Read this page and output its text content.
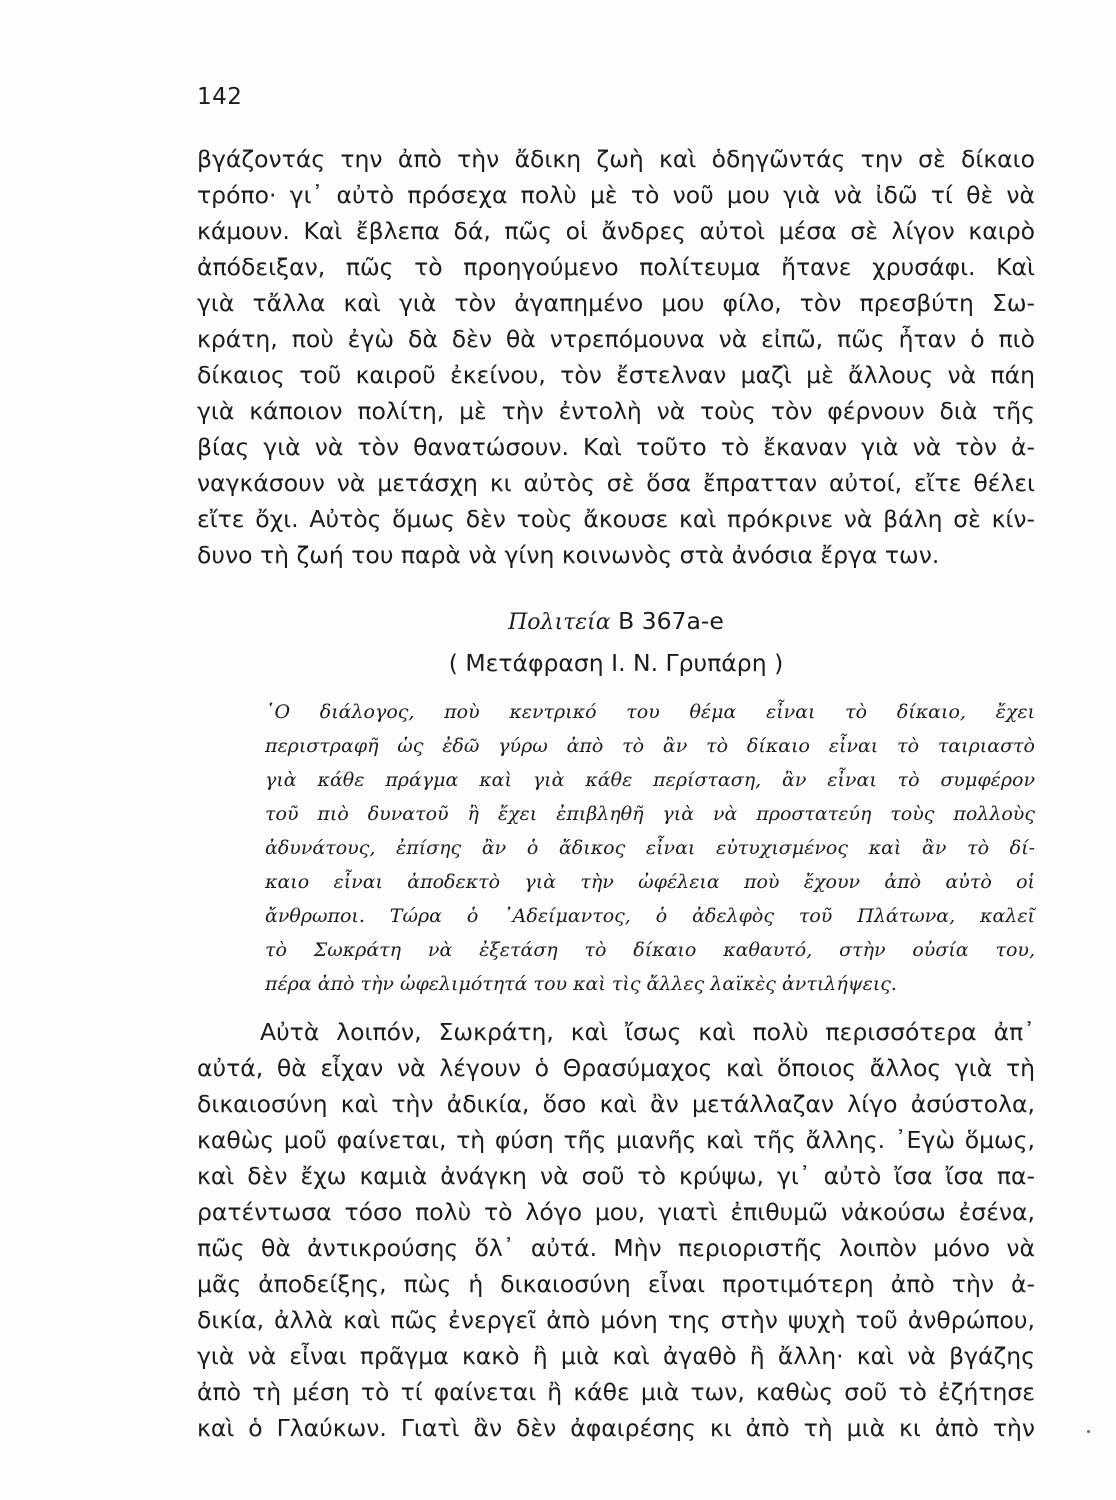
142
βγάζοντάς την ἀπὸ τὴν ἄδικη ζωὴ καὶ ὁδηγῶντάς την σὲ δίκαιο
τρόπο· γι᾿ αὐτὸ πρόσεχα πολὺ μὲ τὸ νοῦ μου γιὰ νὰ ἰδῶ τί θὲ νὰ
κάμουν. Καὶ ἔβλεπα δά, πῶς οἱ ἄνδρες αὐτοὶ μέσα σὲ λίγον καιρὸ
ἀπόδειξαν, πῶς τὸ προηγούμενο πολίτευμα ἤτανε χρυσάφι. Καὶ
γιὰ τἄλλα καὶ γιὰ τὸν ἀγαπημένο μου φίλο, τὸν πρεσβύτη Σω-
κράτη, ποὺ ἐγὼ δὰ δὲν θὰ ντρεπόμουνα νὰ εἰπῶ, πῶς ἦταν ὁ πιὸ
δίκαιος τοῦ καιροῦ ἐκείνου, τὸν ἔστελναν μαζὶ μὲ ἄλλους νὰ πάη
γιὰ κάποιον πολίτη, μὲ τὴν ἐντολὴ νὰ τοὺς τὸν φέρνουν διὰ τῆς
βίας γιὰ νὰ τὸν θανατώσουν. Καὶ τοῦτο τὸ ἔκαναν γιὰ νὰ τὸν ἀ-
ναγκάσουν νὰ μετάσχη κι αὐτὸς σὲ ὅσα ἔπρατταν αὐτοί, εἴτε θέλει
εἴτε ὄχι. Αὐτὸς ὅμως δὲν τοὺς ἄκουσε καὶ πρόκρινε νὰ βάλη σὲ κίν-
δυνο τὴ ζωή του παρὰ νὰ γίνη κοινωνὸς στὰ ἀνόσια ἔργα των.
Πολιτεία Β 367a-e
( Μετάφραση Ι. Ν. Γρυπάρη )
῾Ο διάλογος, ποὺ κεντρικό του θέμα εἶναι τὸ δίκαιο, ἔχει
περιστραφῆ ὡς ἐδῶ γύρω ἀπὸ τὸ ἂν τὸ δίκαιο εἶναι τὸ ταιριαστὸ
γιὰ κάθε πράγμα καὶ γιὰ κάθε περίσταση, ἂν εἶναι τὸ συμφέρον
τοῦ πιὸ δυνατοῦ ἢ ἔχει ἐπιβληθῆ γιὰ νὰ προστατεύη τοὺς πολλοὺς
ἀδυνάτους, ἐπίσης ἂν ὁ ἄδικος εἶναι εὐτυχισμένος καὶ ἂν τὸ δί-
καιο εἶναι ἀποδεκτὸ γιὰ τὴν ὠφέλεια ποὺ ἔχουν ἀπὸ αὐτὸ οἱ
ἄνθρωποι. Τώρα ὁ ᾿Αδείμαντος, ὁ ἀδελφὸς τοῦ Πλάτωνα, καλεῖ
τὸ Σωκράτη νὰ ἐξετάση τὸ δίκαιο καθαυτό, στὴν οὐσία του,
πέρα ἀπὸ τὴν ὠφελιμότητά του καὶ τὶς ἄλλες λαϊκὲς ἀντιλήψεις.
Αὐτὰ λοιπόν, Σωκράτη, καὶ ἴσως καὶ πολὺ περισσότερα ἀπ᾿
αὐτά, θὰ εἶχαν νὰ λέγουν ὁ Θρασύμαχος καὶ ὅποιος ἄλλος γιὰ τὴ
δικαιοσύνη καὶ τὴν ἀδικία, ὅσο καὶ ἂν μετάλλαζαν λίγο ἀσύστολα,
καθὼς μοῦ φαίνεται, τὴ φύση τῆς μιανῆς καὶ τῆς ἄλλης. ᾿Εγὼ ὅμως,
καὶ δὲν ἔχω καμιὰ ἀνάγκη νὰ σοῦ τὸ κρύψω, γι᾿ αὐτὸ ἴσα ἴσα πα-
ρατέντωσα τόσο πολὺ τὸ λόγο μου, γιατὶ ἐπιθυμῶ νἀκούσω ἐσένα,
πῶς θὰ ἀντικρούσης ὅλ᾿ αὐτά. Μὴν περιοριστῆς λοιπὸν μόνο νὰ
μᾶς ἀποδείξης, πὼς ἡ δικαιοσύνη εἶναι προτιμότερη ἀπὸ τὴν ἀ-
δικία, ἀλλὰ καὶ πῶς ἐνεργεῖ ἀπὸ μόνη της στὴν ψυχὴ τοῦ ἀνθρώπου,
γιὰ νὰ εἶναι πρᾶγμα κακὸ ἢ μιὰ καὶ ἀγαθὸ ἢ ἄλλη· καὶ νὰ βγάζης
ἀπὸ τὴ μέση τὸ τί φαίνεται ἢ κάθε μιὰ των, καθὼς σοῦ τὸ ἐζήτησε
καὶ ὁ Γλαύκων. Γιατὶ ἂν δὲν ἀφαιρέσης κι ἀπὸ τὴ μιὰ κι ἀπὸ τὴν
